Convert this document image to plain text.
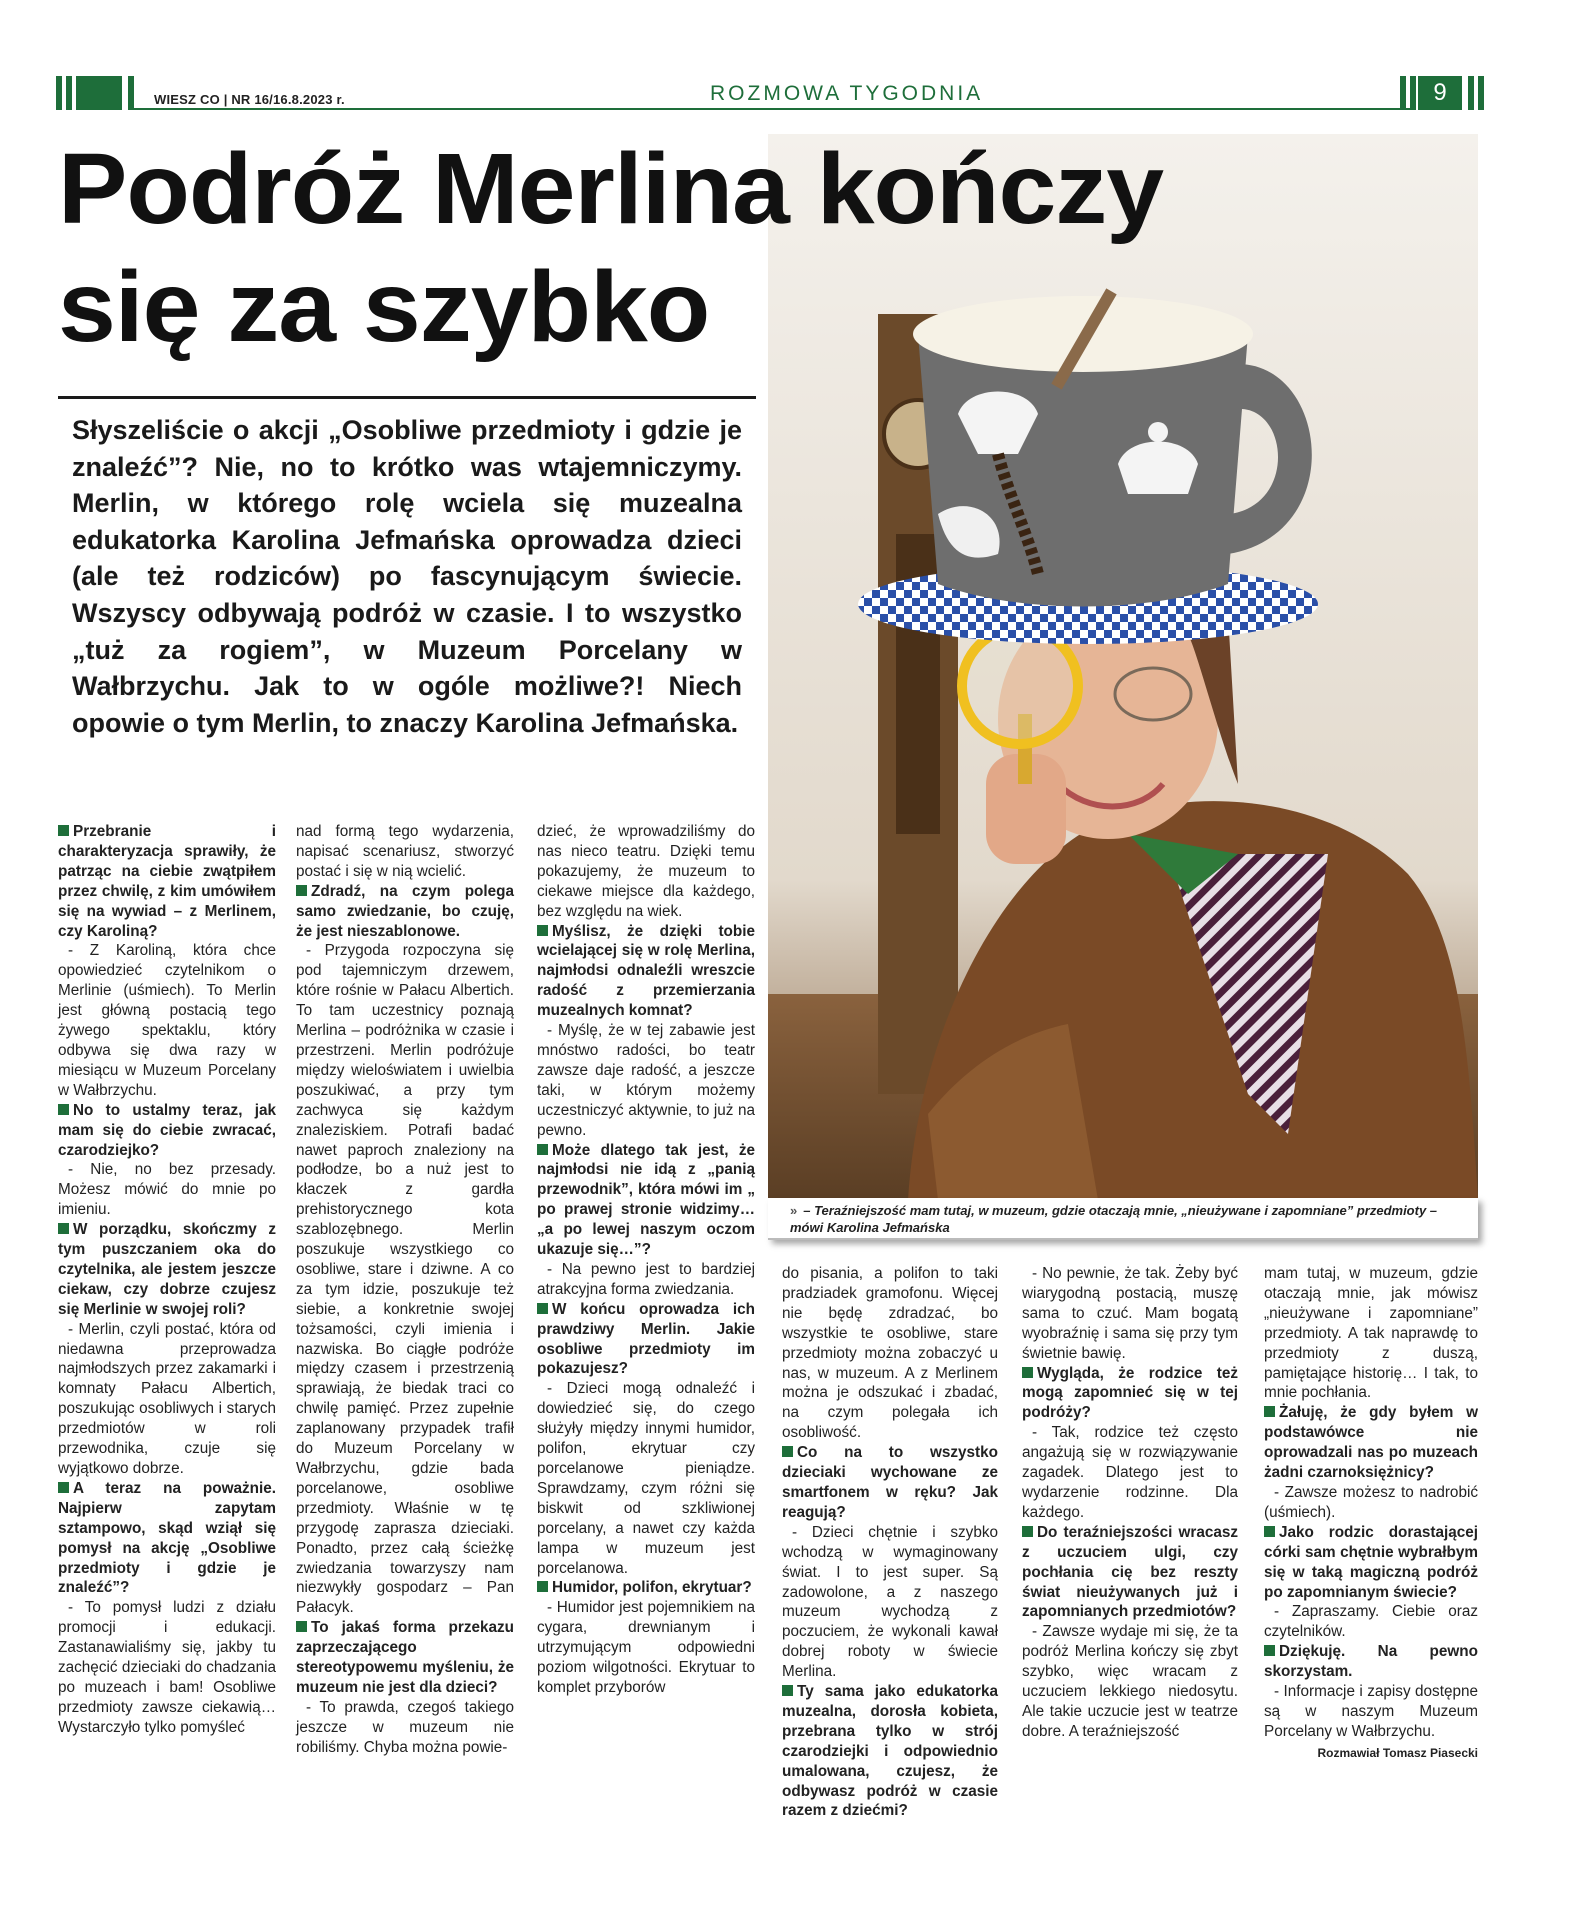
WIESZ CO | NR 16/16.8.2023 r.	ROZMOWA TYGODNIA	9
» – Teraźniejszość mam tutaj, w muzeum, gdzie otaczają mnie, „nieużywane i zapomniane” przedmioty – mówi Karolina Jefmańska
Podróż Merlina kończy
się za szybko
Słyszeliście o akcji „Osobliwe przedmioty i gdzie je znaleźć”? Nie, no to krótko was wtajemniczymy. Merlin, w którego rolę wciela się muzealna edukatorka Karolina Jefmańska oprowadza dzieci (ale też rodziców) po fascynującym świecie. Wszyscy odbywają podróż w czasie. I to wszystko „tuż za rogiem”, w Muzeum Porcelany w Wałbrzychu. Jak to w ogóle możliwe?! Niech opowie o tym Merlin, to znaczy Karolina Jefmańska.

Przebranie i charakteryzacja sprawiły, że patrząc na ciebie zwątpiłem przez chwilę, z kim umówiłem się na wywiad – z Merlinem, czy Karoliną?

- Z Karoliną, która chce opowiedzieć czytelnikom o Merlinie (uśmiech). To Merlin jest główną postacią tego żywego spektaklu, który odbywa się dwa razy w miesiącu w Muzeum Porcelany w Wałbrzychu.

No to ustalmy teraz, jak mam się do ciebie zwracać, czarodziejko?

- Nie, no bez przesady. Możesz mówić do mnie po imieniu.

W porządku, skończmy z tym puszczaniem oka do czytelnika, ale jestem jeszcze ciekaw, czy dobrze czujesz się Merlinie w swojej roli?

- Merlin, czyli postać, która od niedawna przeprowadza najmłodszych przez zakamarki i komnaty Pałacu Albertich, poszukując osobliwych i starych przedmiotów w roli przewodnika, czuje się wyjątkowo dobrze.

A teraz na poważnie. Najpierw zapytam sztampowo, skąd wziął się pomysł na akcję „Osobliwe przedmioty i gdzie je znaleźć”?

- To pomysł ludzi z działu promocji i edukacji. Zastanawialiśmy się, jakby tu zachęcić dzieciaki do chadzania po muzeach i bam! Osobliwe przedmioty zawsze ciekawią… Wystarczyło tylko pomyśleć

nad formą tego wydarzenia, napisać scenariusz, stworzyć postać i się w nią wcielić.

Zdradź, na czym polega samo zwiedzanie, bo czuję, że jest nieszablonowe.

- Przygoda rozpoczyna się pod tajemniczym drzewem, które rośnie w Pałacu Albertich. To tam uczestnicy poznają Merlina – podróżnika w czasie i przestrzeni. Merlin podróżuje między wieloświatem i uwielbia poszukiwać, a przy tym zachwyca się każdym znaleziskiem. Potrafi badać nawet paproch znaleziony na podłodze, bo a nuż jest to kłaczek z gardła prehistorycznego kota szablozębnego. Merlin poszukuje wszystkiego co osobliwe, stare i dziwne. A co za tym idzie, poszukuje też siebie, a konkretnie swojej tożsamości, czyli imienia i nazwiska. Bo ciągłe podróże między czasem i przestrzenią sprawiają, że biedak traci co chwilę pamięć. Przez zupełnie zaplanowany przypadek trafił do Muzeum Porcelany w Wałbrzychu, gdzie bada porcelanowe, osobliwe przedmioty. Właśnie w tę przygodę zaprasza dzieciaki. Ponadto, przez całą ścieżkę zwiedzania towarzyszy nam niezwykły gospodarz – Pan Pałacyk.

To jakaś forma przekazu zaprzeczającego stereotypowemu myśleniu, że muzeum nie jest dla dzieci?

- To prawda, czegoś takiego jeszcze w muzeum nie robiliśmy. Chyba można powie-

dzieć, że wprowadziliśmy do nas nieco teatru. Dzięki temu pokazujemy, że muzeum to ciekawe miejsce dla każdego, bez względu na wiek.

Myślisz, że dzięki tobie wcielającej się w rolę Merlina, najmłodsi odnaleźli wreszcie radość z przemierzania muzealnych komnat?

- Myślę, że w tej zabawie jest mnóstwo radości, bo teatr zawsze daje radość, a jeszcze taki, w którym możemy uczestniczyć aktywnie, to już na pewno.

Może dlatego tak jest, że najmłodsi nie idą z „panią przewodnik”, która mówi im „ po prawej stronie widzimy… „a po lewej naszym oczom ukazuje się…”?

- Na pewno jest to bardziej atrakcyjna forma zwiedzania.

W końcu oprowadza ich prawdziwy Merlin. Jakie osobliwe przedmioty im pokazujesz?

- Dzieci mogą odnaleźć i dowiedzieć się, do czego służyły między innymi humidor, polifon, ekrytuar czy porcelanowe pieniądze. Sprawdzamy, czym różni się biskwit od szkliwionej porcelany, a nawet czy każda lampa w muzeum jest porcelanowa.

Humidor, polifon, ekrytuar?

- Humidor jest pojemnikiem na cygara, drewnianym i utrzymującym odpowiedni poziom wilgotności. Ekrytuar to komplet przyborów

do pisania, a polifon to taki pradziadek gramofonu. Więcej nie będę zdradzać, bo wszystkie te osobliwe, stare przedmioty można zobaczyć u nas, w muzeum. A z Merlinem można je odszukać i zbadać, na czym polegała ich osobliwość.

Co na to wszystko dzieciaki wychowane ze smartfonem w ręku? Jak reagują?

- Dzieci chętnie i szybko wchodzą w wymaginowany świat. I to jest super. Są zadowolone, a z naszego muzeum wychodzą z poczuciem, że wykonali kawał dobrej roboty w świecie Merlina.

Ty sama jako edukatorka muzealna, dorosła kobieta, przebrana tylko w strój czarodziejki i odpowiednio umalowana, czujesz, że odbywasz podróż w czasie razem z dziećmi?

- No pewnie, że tak. Żeby być wiarygodną postacią, muszę sama to czuć. Mam bogatą wyobraźnię i sama się przy tym świetnie bawię.

Wygląda, że rodzice też mogą zapomnieć się w tej podróży?

- Tak, rodzice też często angażują się w rozwiązywanie zagadek. Dlatego jest to wydarzenie rodzinne. Dla każdego.

Do teraźniejszości wracasz z uczuciem ulgi, czy pochłania cię bez reszty świat nieużywanych już i zapomnianych przedmiotów?

- Zawsze wydaje mi się, że ta podróż Merlina kończy się zbyt szybko, więc wracam z uczuciem lekkiego niedosytu. Ale takie uczucie jest w teatrze dobre. A teraźniejszość

mam tutaj, w muzeum, gdzie otaczają mnie, jak mówisz „nieużywane i zapomniane” przedmioty. A tak naprawdę to przedmioty z duszą, pamiętające historię… I tak, to mnie pochłania.

Żałuję, że gdy byłem w podstawówce nie oprowadzali nas po muzeach żadni czarnoksiężnicy?

- Zawsze możesz to nadrobić (uśmiech).

Jako rodzic dorastającej córki sam chętnie wybrałbym się w taką magiczną podróż po zapomnianym świecie?

- Zapraszamy. Ciebie oraz czytelników.

Dziękuję. Na pewno skorzystam.

- Informacje i zapisy dostępne są w naszym Muzeum Porcelany w Wałbrzychu.

Rozmawiał Tomasz Piasecki
